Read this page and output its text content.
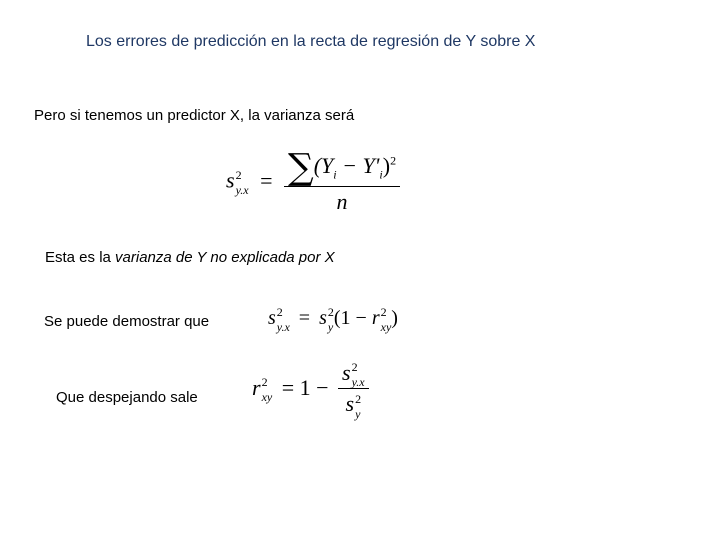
Los errores de predicción en la recta de regresión de Y sobre X
Pero si tenemos un predictor X, la varianza será
s 2
$y.x = \frac{\sum(Y_i - Y'_i)^2}{n}$
Esta es la varianza de Y no explicada por X
Se puede demostrar que	s 2
y.x = s 2
y (1 − r 2
xy )
Que despejando sale r 2
xy = 1 − s 2
y.x
s 2
y
